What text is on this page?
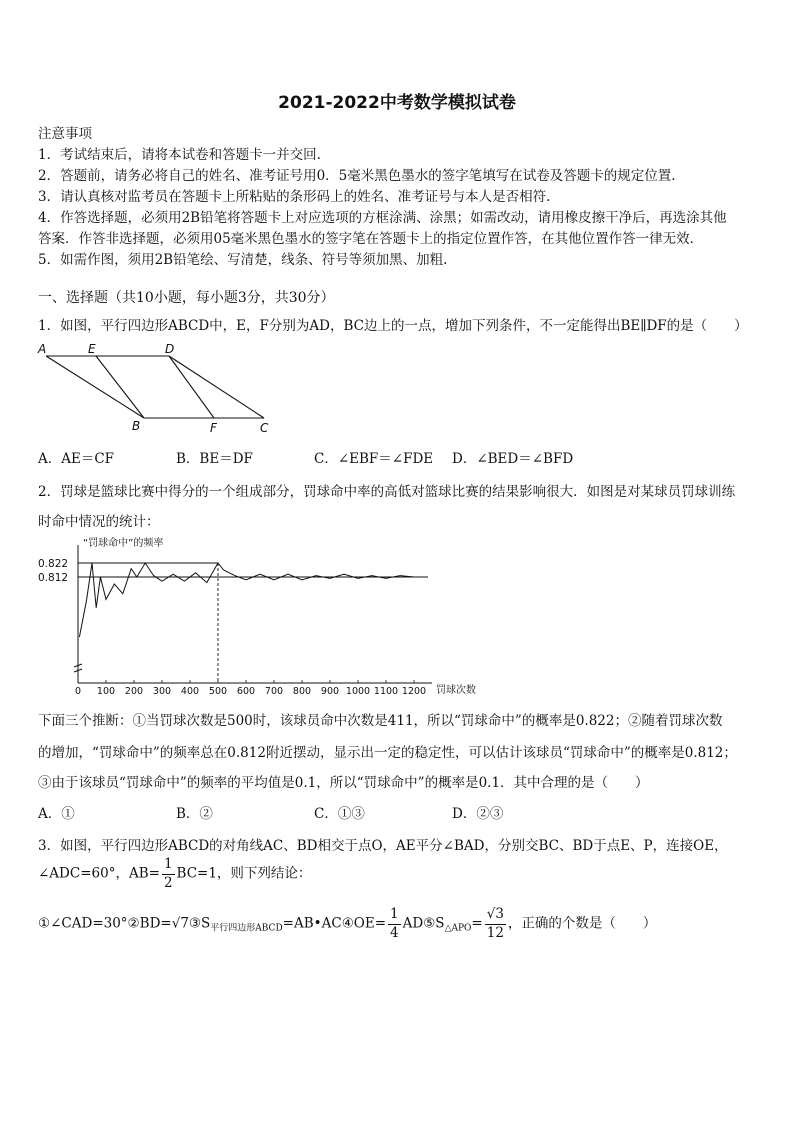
2021-2022中考数学模拟试卷
注意事项
1．考试结束后，请将本试卷和答题卡一并交回.
2．答题前，请务必将自己的姓名、准考证号用0．5毫米黑色墨水的签字笔填写在试卷及答题卡的规定位置.
3．请认真核对监考员在答题卡上所粘贴的条形码上的姓名、准考证号与本人是否相符.
4．作答选择题，必须用2B铅笔将答题卡上对应选项的方框涂满、涂黑；如需改动，请用橡皮擦干净后，再选涂其他
答案．作答非选择题，必须用05毫米黑色墨水的签字笔在答题卡上的指定位置作答，在其他位置作答一律无效．
5．如需作图，须用2B铅笔绘、写清楚，线条、符号等须加黑、加粗.
一、选择题（共10小题，每小题3分，共30分）
1．如图，平行四边形ABCD中，E，F分别为AD，BC边上的一点，增加下列条件，不一定能得出BE∥DF的是（　　）
A	E	D
B	F	C
A．AE＝CF	B．BE＝DF	C．∠EBF＝∠FDE D．∠BED＝∠BFD
2．罚球是篮球比赛中得分的一个组成部分，罚球命中率的高低对篮球比赛的结果影响很大．如图是对某球员罚球训练
时命中情况的统计：
“罚球命中”的频率
罚球次数
0.822
0.812
0 100 200 300 400 500 600 700 800 900 1000 1100 1200
下面三个推断：①当罚球次数是500时，该球员命中次数是411，所以“罚球命中”的概率是0.822；②随着罚球次数
的增加，“罚球命中”的频率总在0.812附近摆动，显示出一定的稳定性，可以估计该球员“罚球命中”的概率是0.812；
③由于该球员“罚球命中”的频率的平均值是0.1，所以“罚球命中”的概率是0.1．其中合理的是（　　）
A．①	B．②	C．①③	D．②③
3．如图，平行四边形ABCD的对角线AC、BD相交于点O，AE平分∠BAD，分别交BC、BD于点E、P，连接OE，
∠ADC=60°，$AB= \frac{1}{2} BC=1$，则下列结论：
$①\angle CAD=30^\circ ②BD=√7③S_{平行四边形ABCD}=AB•AC④OE= \frac{1}{4}$ $AD⑤S_{\triangle APO}= \frac{√3}{12}$ ，正确的个数是（　　）
